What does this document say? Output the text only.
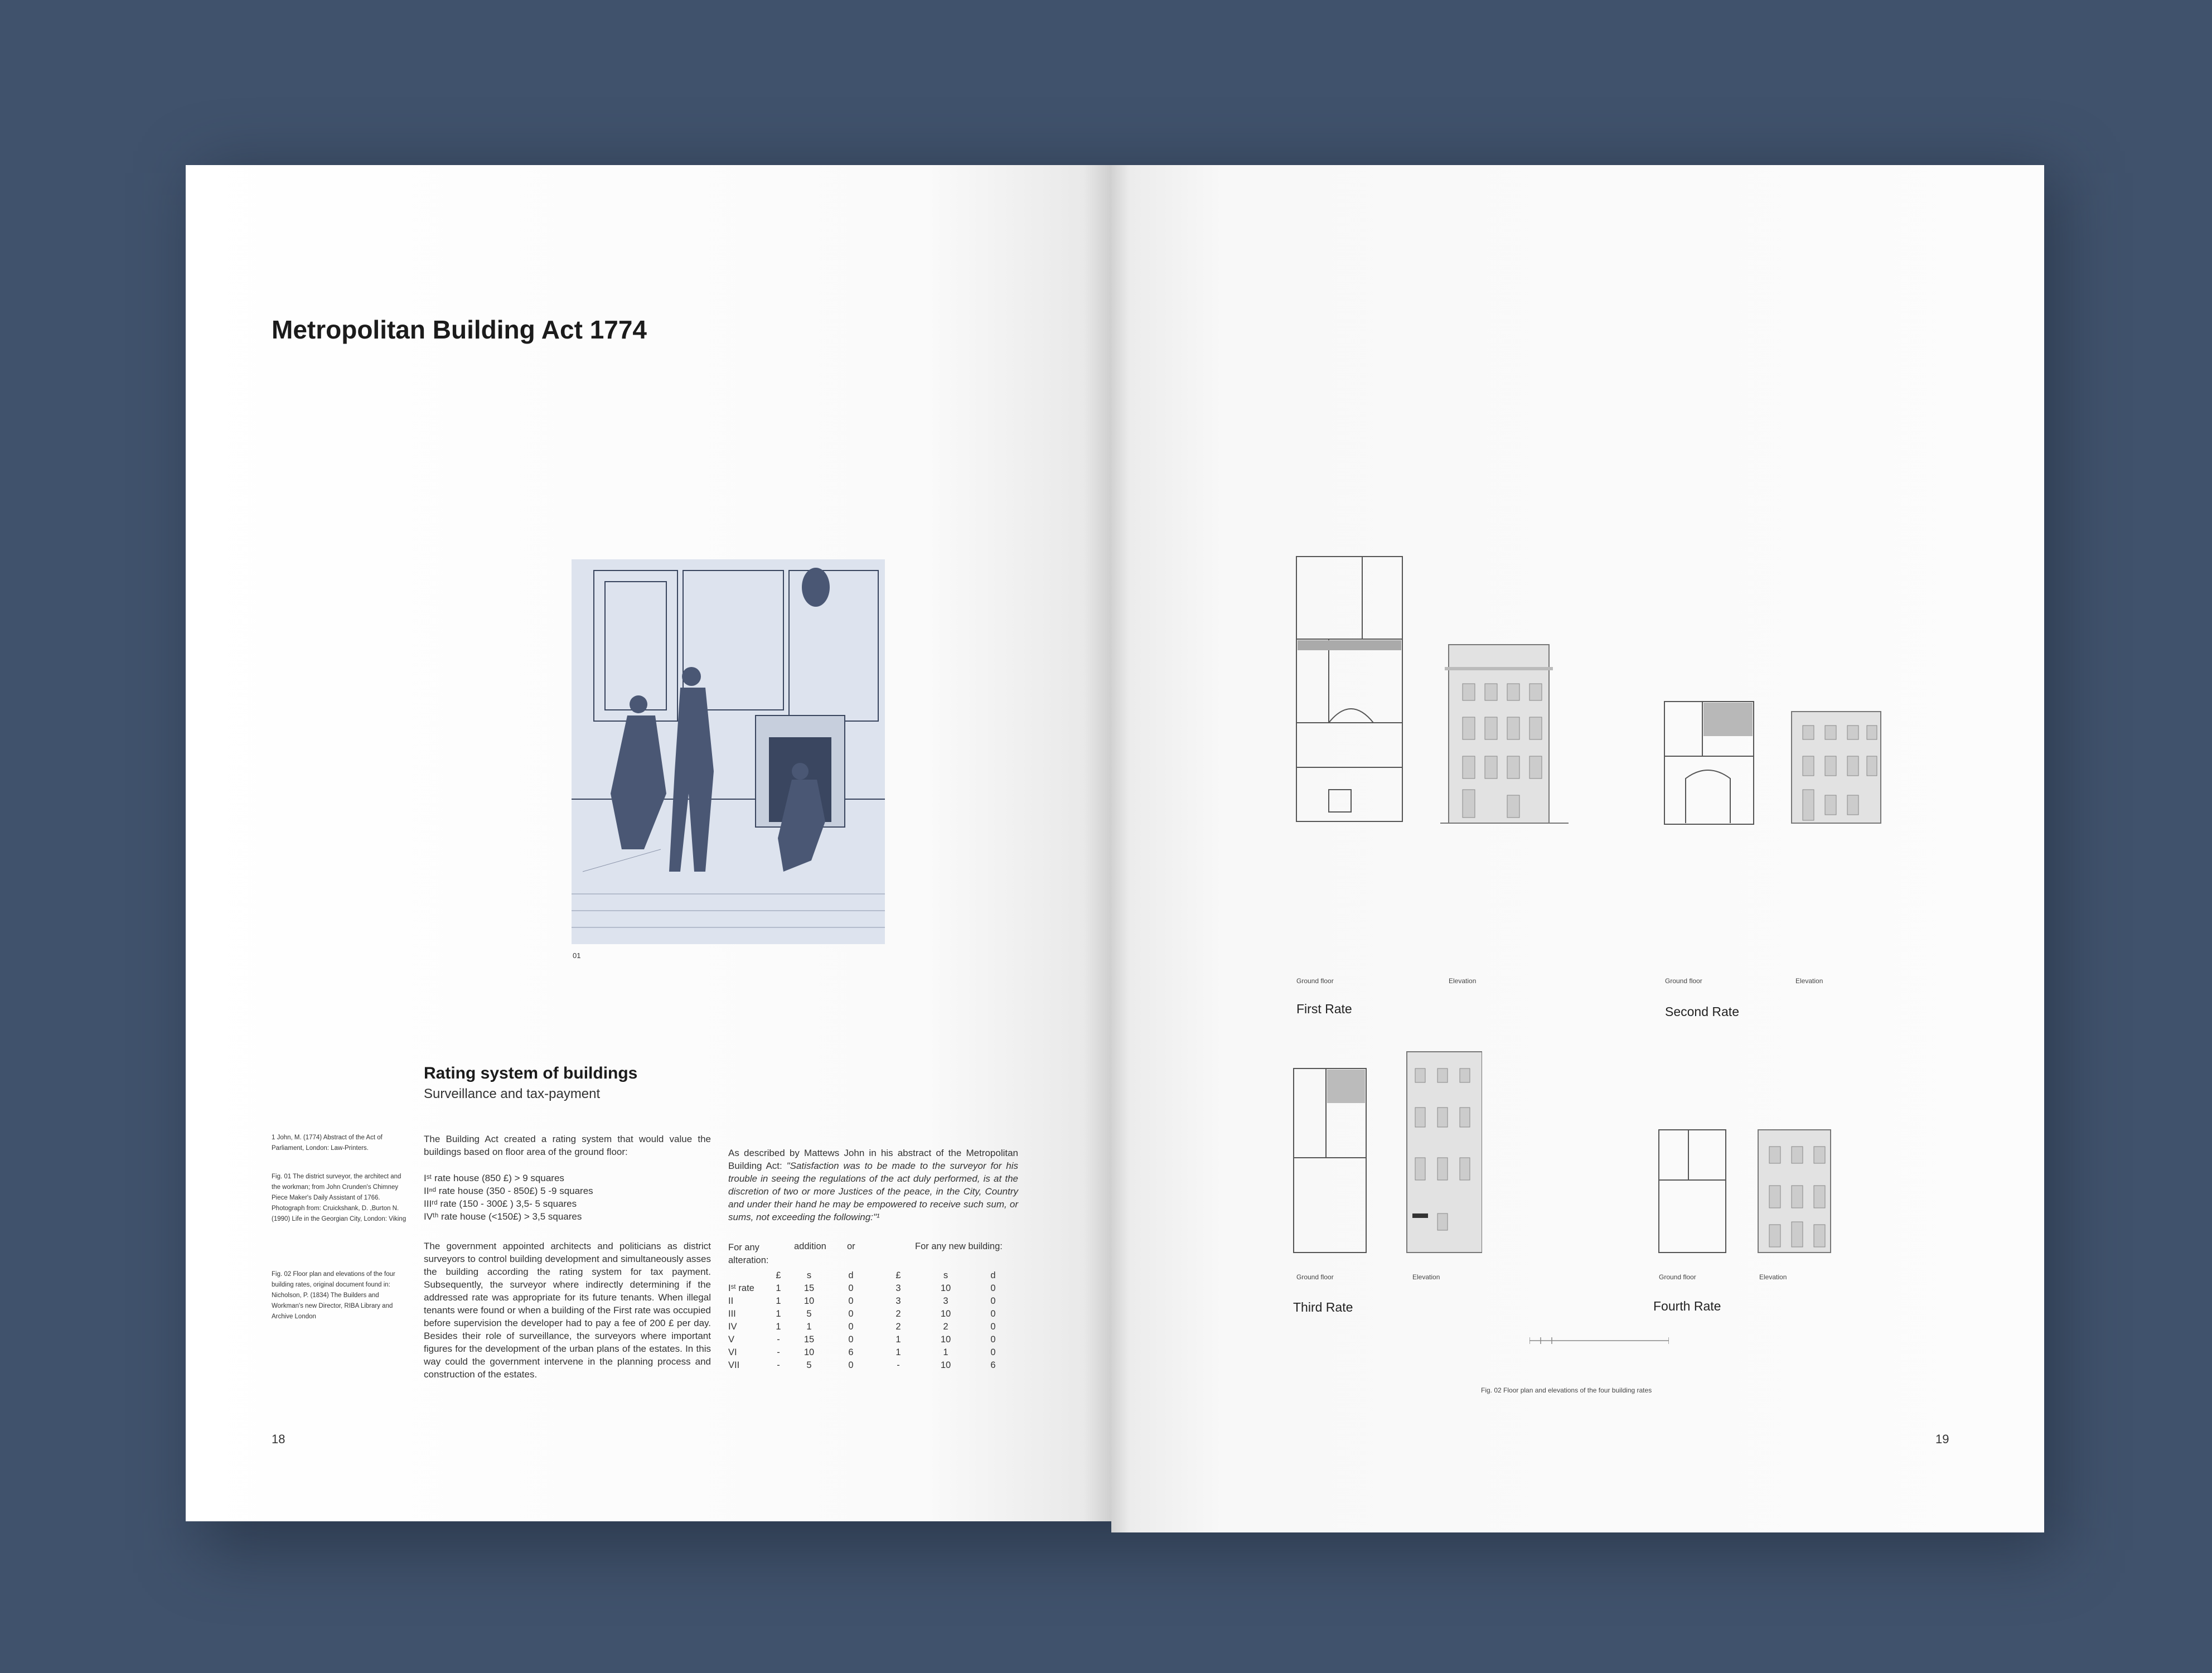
Metropolitan Building Act 1774
01
Rating system of buildings
Surveillance and tax-payment
1 John, M. (1774) Abstract of the Act of Parliament, London: Law-Printers.
Fig. 01 The district surveyor, the architect and the workman; from John Crunden's Chimney Piece Maker's Daily Assistant of 1766. Photograph from: Cruickshank, D. ,Burton N. (1990) Life in the Georgian City, London: Viking
Fig. 02 Floor plan and elevations of the four building rates, original document found in: Nicholson, P. (1834) The Builders and Workman's new Director, RIBA Library and Archive London
The Building Act created a rating system that would value the buildings based on floor area of the ground floor:
Iˢᵗ rate house (850 £) > 9 squares
IIⁿᵈ rate house (350 - 850£) 5 -9 squares
IIIʳᵈ rate (150 - 300£ ) 3,5- 5 squares
IVᵗʰ rate house (<150£) > 3,5 squares
The government appointed architects and politicians as district surveyors to control building development and simultaneously asses the building according the rating system for tax payment. Subsequently, the surveyor where indirectly determining if the addressed rate was appropriate for its future tenants. When illegal tenants were found or when a building of the First rate was occupied before supervision the developer had to pay a fee of 200 £ per day. Besides their role of surveillance, the surveyors where important figures for the development of the urban plans of the estates. In this way could the government intervene in the planning process and construction of the estates.
As described by Mattews John in his abstract of the Metropolitan Building Act: "Satisfaction was to be made to the surveyor for his trouble in seeing the regulations of the act duly performed, is at the discretion of two or more Justices of the peace, in the City, Country and under their hand he may be empowered to receive such sum, or sums, not exceeding the following:"¹
For any alteration:
addition or	For any new building:
	£	s	d	£	s	d
Iˢᵗ rate	1	15	0	3	10	0
II	1	10	0	3	3	0
III	1	5	0	2	10	0
IV	1	1	0	2	2	0
V	-	15	0	1	10	0
VI	-	10	6	1	1	0
VII	-	5	0	-	10	6
18
Ground floor	Elevation
First Rate
Ground floor	Elevation
Second Rate
Ground floor	Elevation
Third Rate
Ground floor	Elevation
Fourth Rate
Fig. 02 Floor plan and elevations of the four building rates
19
